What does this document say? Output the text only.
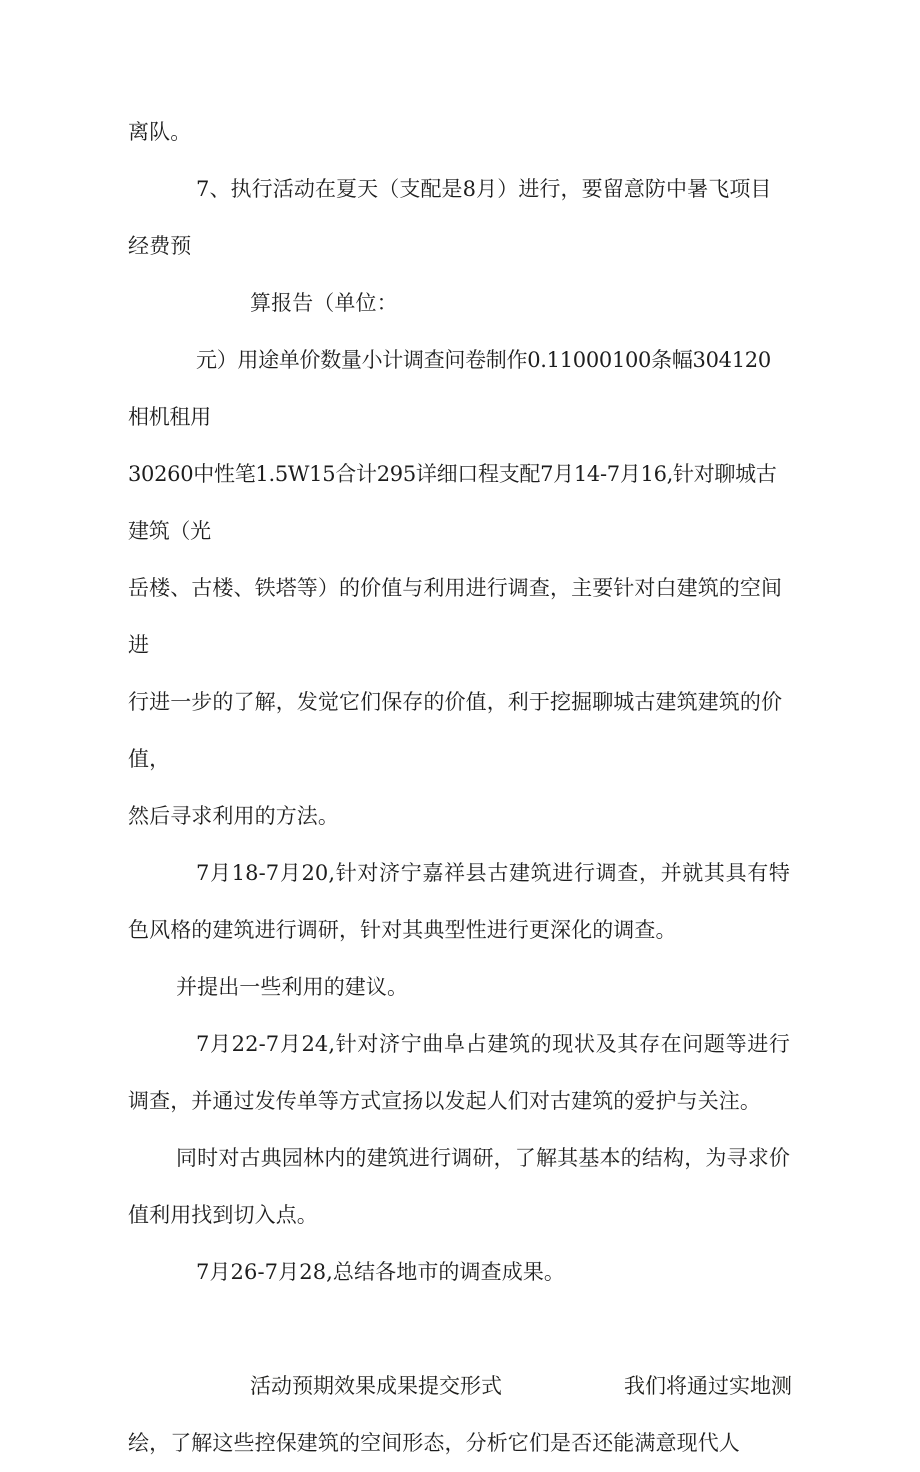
离队。

7、执行活动在夏天（支配是8月）进行，要留意防中暑飞项目经费预

算报告（单位：

元）用途单价数量小计调查问卷制作0.11000100条幅304120相机租用

30260中性笔1.5W15合计295详细口程支配7月14-7月16,针对聊城古建筑（光

岳楼、古楼、铁塔等）的价值与利用进行调查，主要针对白建筑的空间进

行进一步的了解，发觉它们保存的价值，利于挖掘聊城古建筑建筑的价值，

然后寻求利用的方法。

7月18-7月20,针对济宁嘉祥县古建筑进行调查，并就其具有特色风格的建筑进行调研，针对其典型性进行更深化的调查。

并提出一些利用的建议。

7月22-7月24,针对济宁曲阜占建筑的现状及其存在问题等进行调查，并通过发传单等方式宣扬以发起人们对古建筑的爱护与关注。

同时对古典园林内的建筑进行调研，了解其基本的结构，为寻求价值利用找到切入点。

7月26-7月28,总结各地市的调查成果。

活动预期效果成果提交形式	我们将通过实地测

绘，了解这些控保建筑的空间形态，分析它们是否还能满意现代人
